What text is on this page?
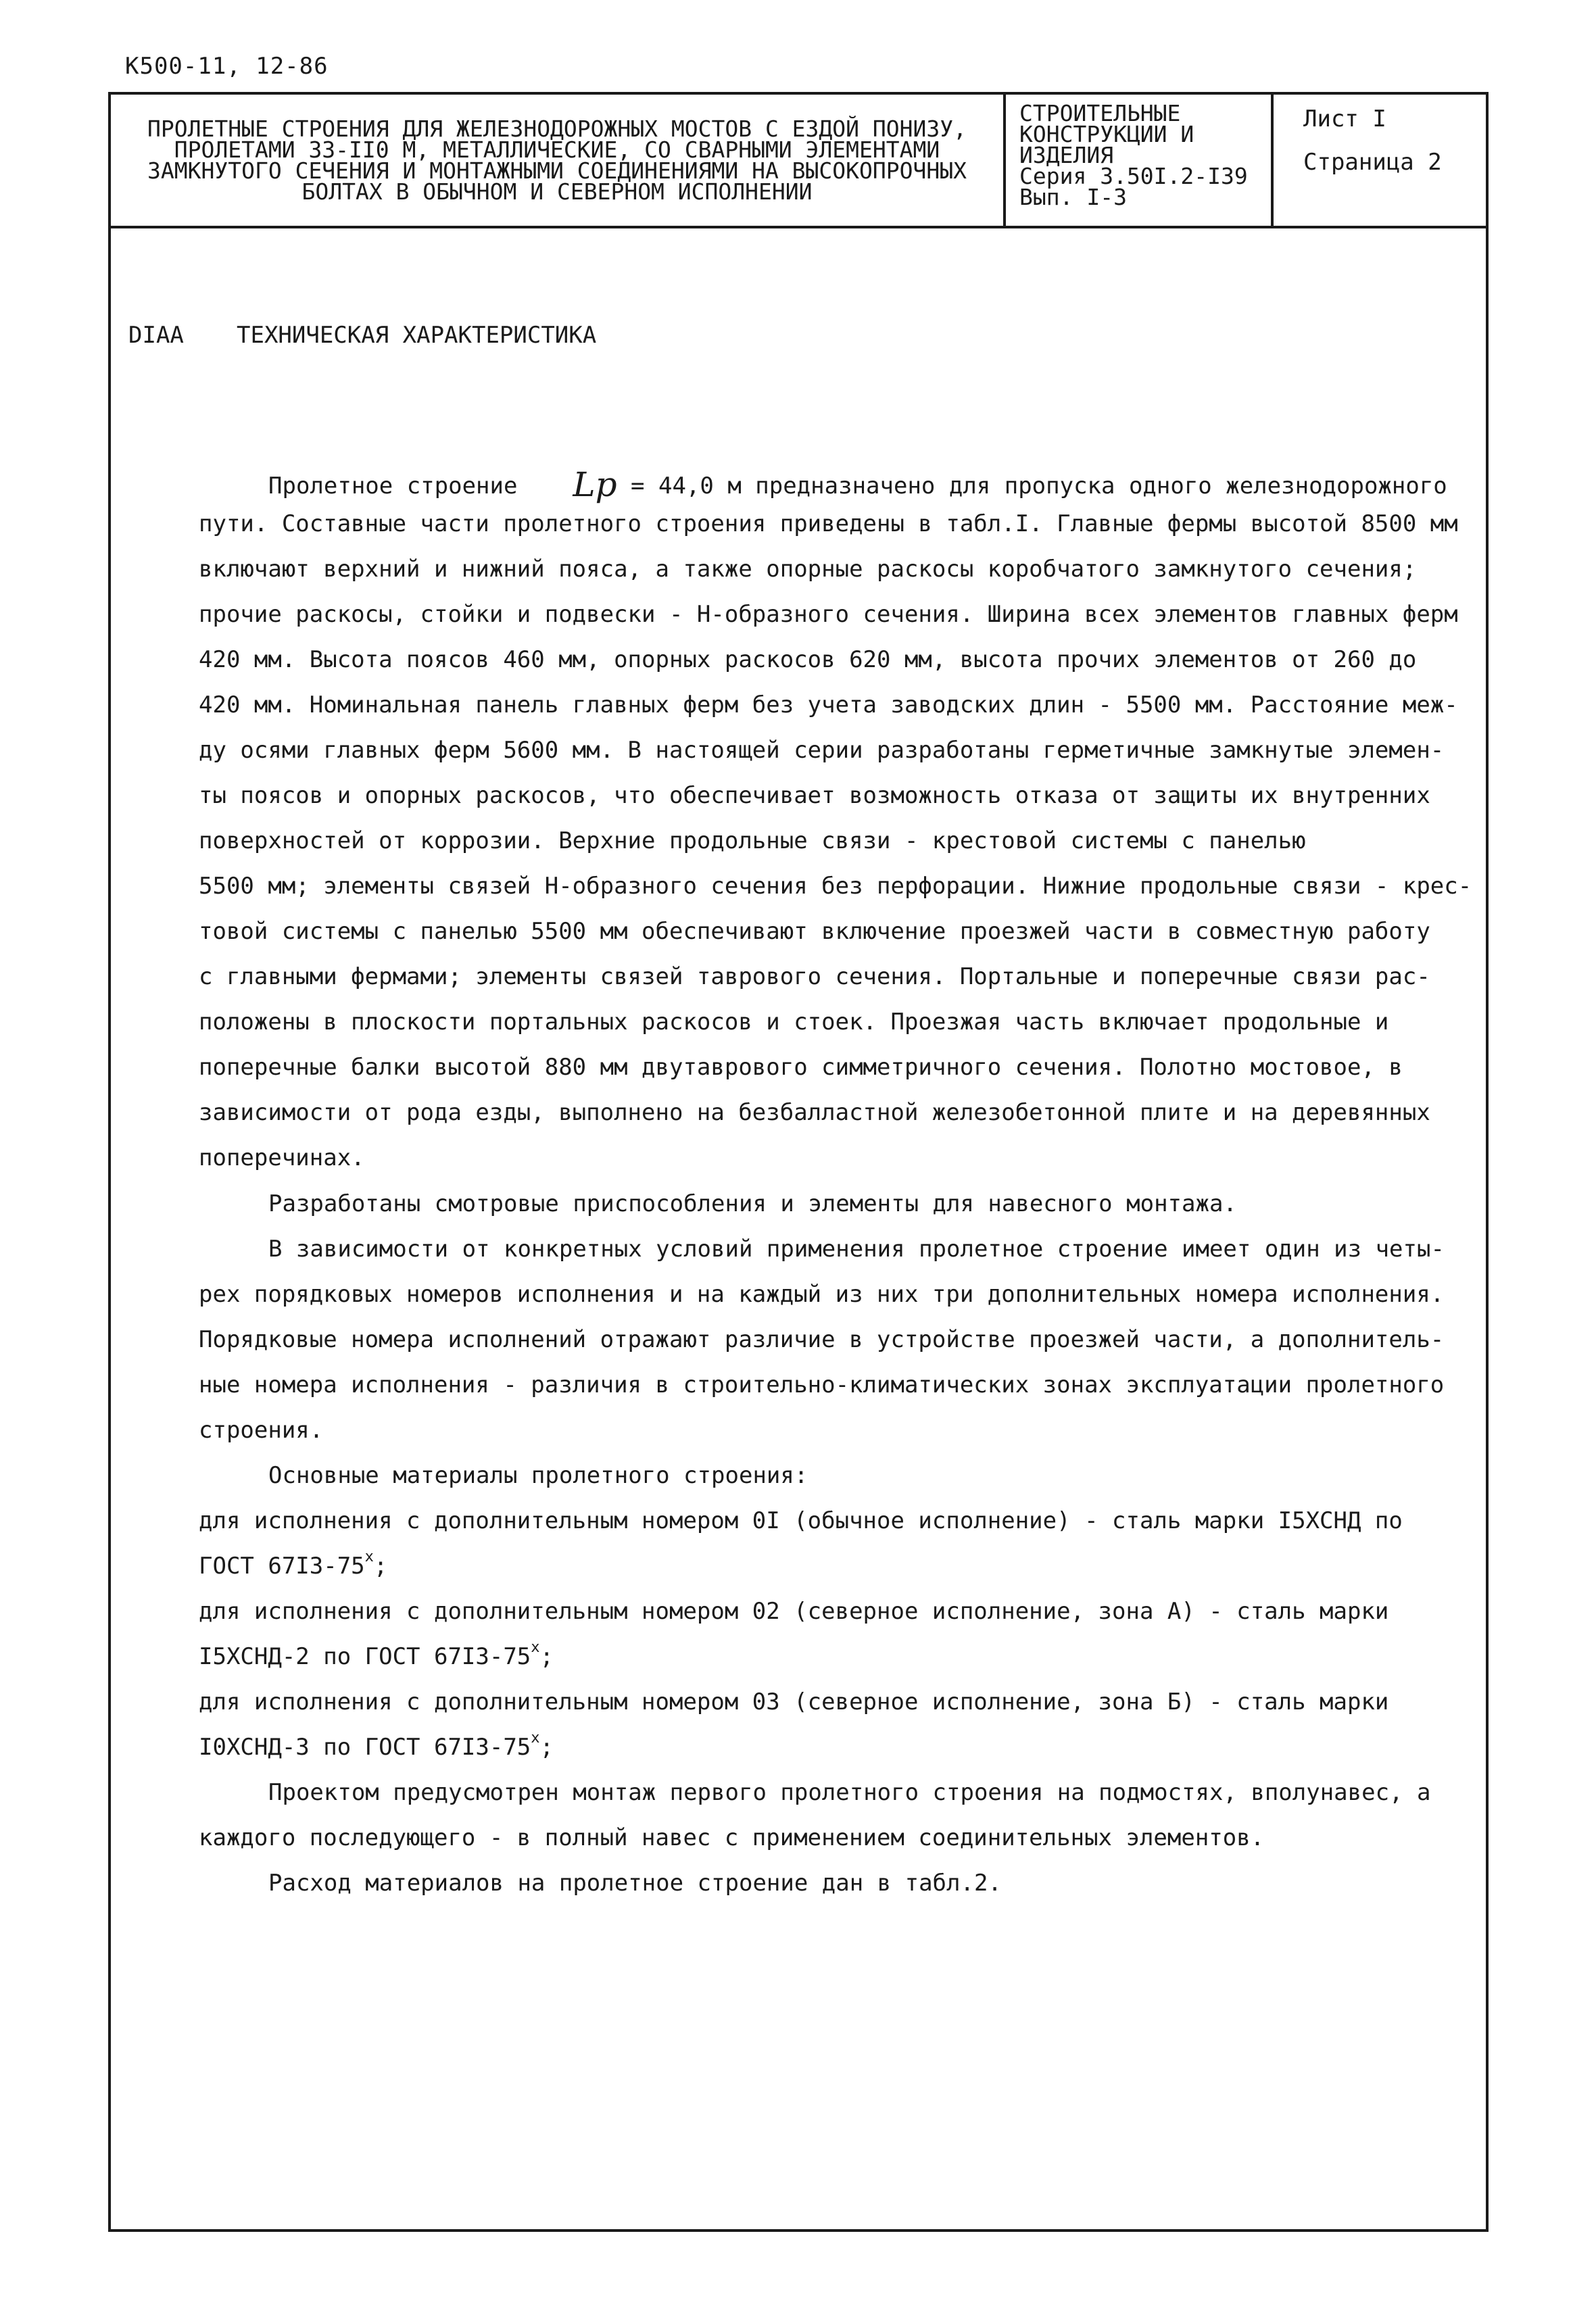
К500-11, 12-86
ПРОЛЕТНЫЕ СТРОЕНИЯ ДЛЯ ЖЕЛЕЗНОДОРОЖНЫХ МОСТОВ С ЕЗДОЙ ПОНИЗУ,
ПРОЛЕТАМИ 33-II0 М, МЕТАЛЛИЧЕСКИЕ, СО СВАРНЫМИ ЭЛЕМЕНТАМИ
ЗАМКНУТОГО СЕЧЕНИЯ И МОНТАЖНЫМИ СОЕДИНЕНИЯМИ НА ВЫСОКОПРОЧНЫХ
БОЛТАХ В ОБЫЧНОМ И СЕВЕРНОМ ИСПОЛНЕНИИ
СТРОИТЕЛЬНЫЕ
КОНСТРУКЦИИ И
ИЗДЕЛИЯ
Серия 3.50I.2-I39
Вып. I-3
Лист I
Страница 2
DIAA ТЕХНИЧЕСКАЯ ХАРАКТЕРИСТИКА
Пролетное строение Lp = 44,0 м предназначено для пропуска одного железнодорожного
пути. Составные части пролетного строения приведены в табл.I. Главные фермы высотой 8500 мм
включают верхний и нижний пояса, а также опорные раскосы коробчатого замкнутого сечения;
прочие раскосы, стойки и подвески - Н-образного сечения. Ширина всех элементов главных ферм
420 мм. Высота поясов 460 мм, опорных раскосов 620 мм, высота прочих элементов от 260 до
420 мм. Номинальная панель главных ферм без учета заводских длин - 5500 мм. Расстояние меж-
ду осями главных ферм 5600 мм. В настоящей серии разработаны герметичные замкнутые элемен-
ты поясов и опорных раскосов, что обеспечивает возможность отказа от защиты их внутренних
поверхностей от коррозии. Верхние продольные связи - крестовой системы с панелью
5500 мм; элементы связей Н-образного сечения без перфорации. Нижние продольные связи - крес-
товой системы с панелью 5500 мм обеспечивают включение проезжей части в совместную работу
с главными фермами; элементы связей таврового сечения. Портальные и поперечные связи рас-
положены в плоскости портальных раскосов и стоек. Проезжая часть включает продольные и
поперечные балки высотой 880 мм двутаврового симметричного сечения. Полотно мостовое, в
зависимости от рода езды, выполнено на безбалластной железобетонной плите и на деревянных
поперечинах.
Разработаны смотровые приспособления и элементы для навесного монтажа.
В зависимости от конкретных условий применения пролетное строение имеет один из четы-
рех порядковых номеров исполнения и на каждый из них три дополнительных номера исполнения.
Порядковые номера исполнений отражают различие в устройстве проезжей части, а дополнитель-
ные номера исполнения - различия в строительно-климатических зонах эксплуатации пролетного
строения.
Основные материалы пролетного строения:
для исполнения с дополнительным номером 0I (обычное исполнение) - сталь марки I5ХСНД по
ГОСТ $67I3-75^х$;
для исполнения с дополнительным номером 02 (северное исполнение, зона А) - сталь марки
I5ХСНД-2 по ГОСТ $67I3-75^х$;
для исполнения с дополнительным номером 03 (северное исполнение, зона Б) - сталь марки
I0ХСНД-3 по ГОСТ $67I3-75^х$;
Проектом предусмотрен монтаж первого пролетного строения на подмостях, вполунавес, а
каждого последующего - в полный навес с применением соединительных элементов.
Расход материалов на пролетное строение дан в табл.2.
